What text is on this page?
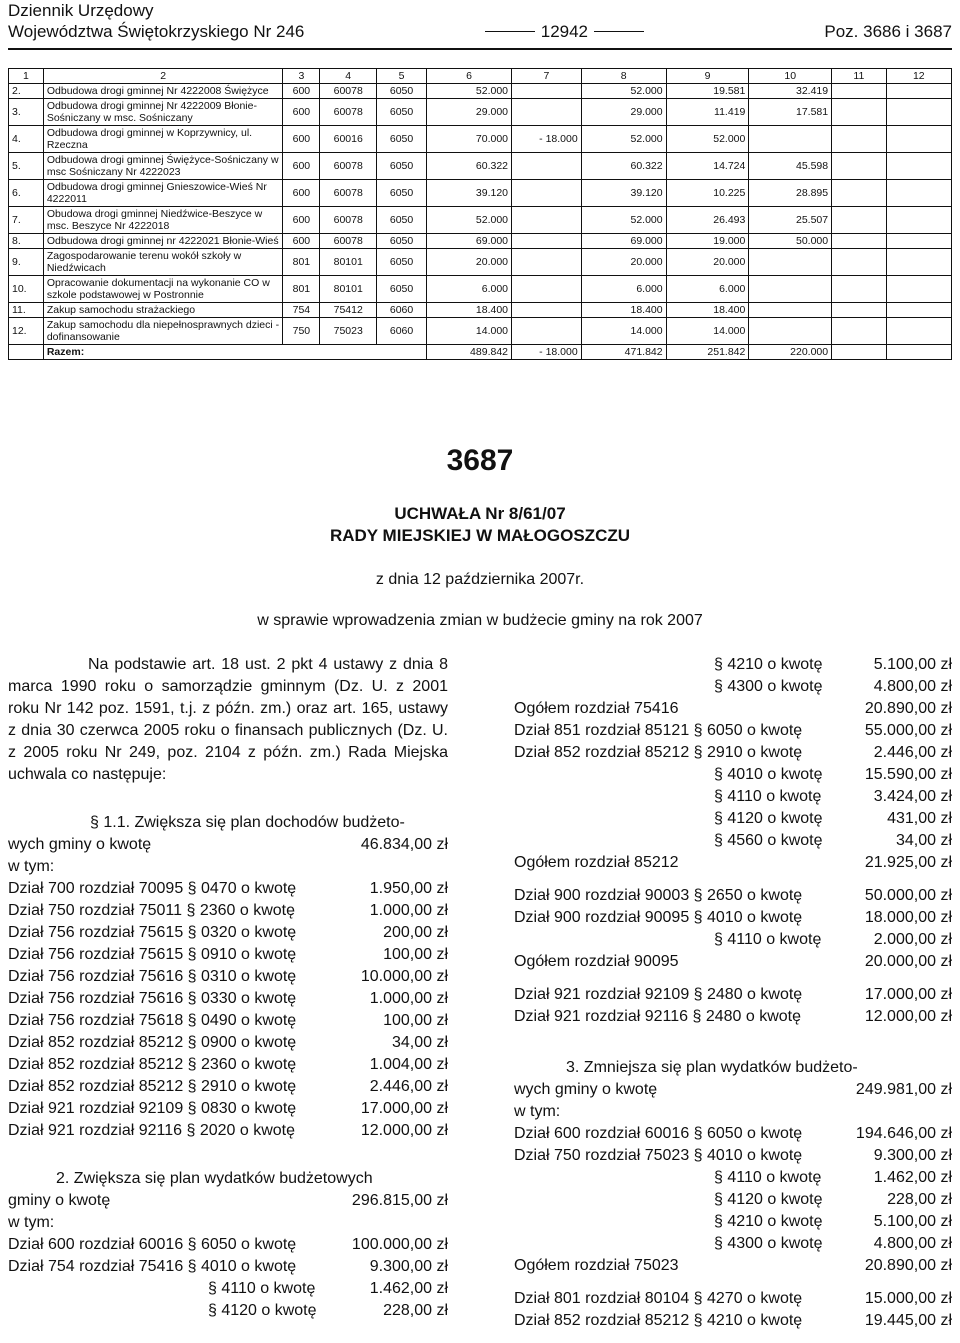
Dziennik Urzędowy
Województwa Świętokrzyskiego Nr 246	12942	Poz. 3686 i 3687
1	2	3	4	5	6	7	8	9	10	11	12
2.	Odbudowa drogi gminnej Nr 4222008 Świężyce	600	60078	6050	52.000		52.000	19.581	32.419		
3.	Odbudowa drogi gminnej Nr 4222009 Błonie-Sośniczany w msc. Sośniczany	600	60078	6050	29.000		29.000	11.419	17.581		
4.	Odbudowa drogi gminnej w Koprzywnicy, ul. Rzeczna	600	60016	6050	70.000	- 18.000	52.000	52.000			
5.	Odbudowa drogi gminnej Świężyce-Sośniczany w msc Sośniczany Nr 4222023	600	60078	6050	60.322		60.322	14.724	45.598		
6.	Odbudowa drogi gminnej Gnieszowice-Wieś Nr 4222011	600	60078	6050	39.120		39.120	10.225	28.895		
7.	Obudowa drogi gminnej Niedźwice-Beszyce w msc. Beszyce Nr 4222018	600	60078	6050	52.000		52.000	26.493	25.507		
8.	Odbudowa drogi gminnej nr 4222021 Błonie-Wieś	600	60078	6050	69.000		69.000	19.000	50.000		
9.	Zagospodarowanie terenu wokół szkoły w Niedźwicach	801	80101	6050	20.000		20.000	20.000			
10.	Opracowanie dokumentacji na wykonanie CO w szkole podstawowej w Postronnie	801	80101	6050	6.000		6.000	6.000			
11.	Zakup samochodu strażackiego	754	75412	6060	18.400		18.400	18.400			
12.	Zakup samochodu dla niepełnosprawnych dzieci - dofinansowanie	750	75023	6060	14.000		14.000	14.000			
	Razem:				489.842	- 18.000	471.842	251.842	220.000		
3687
UCHWAŁA Nr 8/61/07
RADY MIEJSKIEJ W MAŁOGOSZCZU
z dnia 12 października 2007r.
w sprawie wprowadzenia zmian w budżecie gminy na rok 2007
Na podstawie art. 18 ust. 2 pkt 4 ustawy z dnia 8 marca 1990 roku o samorządzie gminnym (Dz. U. z 2001 roku Nr 142 poz. 1591, t.j. z późn. zm.) oraz art. 165, ustawy z dnia 30 czerwca 2005 roku o finansach publicznych (Dz. U. z 2005 roku Nr 249, poz. 2104 z późn. zm.) Rada Miejska uchwala co następuje:
§ 1.1. Zwiększa się plan dochodów budżeto-
wych gminy o kwotę	46.834,00 zł
w tym:
Dział 700 rozdział 70095 § 0470 o kwotę	1.950,00 zł
Dział 750 rozdział 75011 § 2360 o kwotę	1.000,00 zł
Dział 756 rozdział 75615 § 0320 o kwotę	200,00 zł
Dział 756 rozdział 75615 § 0910 o kwotę	100,00 zł
Dział 756 rozdział 75616 § 0310 o kwotę	10.000,00 zł
Dział 756 rozdział 75616 § 0330 o kwotę	1.000,00 zł
Dział 756 rozdział 75618 § 0490 o kwotę	100,00 zł
Dział 852 rozdział 85212 § 0900 o kwotę	34,00 zł
Dział 852 rozdział 85212 § 2360 o kwotę	1.004,00 zł
Dział 852 rozdział 85212 § 2910 o kwotę	2.446,00 zł
Dział 921 rozdział 92109 § 0830 o kwotę	17.000,00 zł
Dział 921 rozdział 92116 § 2020 o kwotę	12.000,00 zł
2. Zwiększa się plan wydatków budżetowych
gminy o kwotę	296.815,00 zł
w tym:
Dział 600 rozdział 60016 § 6050 o kwotę	100.000,00 zł
Dział 754 rozdział 75416 § 4010 o kwotę	9.300,00 zł
§ 4110 o kwotę	1.462,00 zł
§ 4120 o kwotę	228,00 zł
§ 4210 o kwotę	5.100,00 zł
§ 4300 o kwotę	4.800,00 zł
Ogółem rozdział 75416	20.890,00 zł
Dział 851 rozdział 85121 § 6050 o kwotę	55.000,00 zł
Dział 852 rozdział 85212 § 2910 o kwotę	2.446,00 zł
§ 4010 o kwotę	15.590,00 zł
§ 4110 o kwotę	3.424,00 zł
§ 4120 o kwotę	431,00 zł
§ 4560 o kwotę	34,00 zł
Ogółem rozdział 85212	21.925,00 zł
Dział 900 rozdział 90003 § 2650 o kwotę	50.000,00 zł
Dział 900 rozdział 90095 § 4010 o kwotę	18.000,00 zł
§ 4110 o kwotę	2.000,00 zł
Ogółem rozdział 90095	20.000,00 zł
Dział 921 rozdział 92109 § 2480 o kwotę	17.000,00 zł
Dział 921 rozdział 92116 § 2480 o kwotę	12.000,00 zł
3. Zmniejsza się plan wydatków budżeto-
wych gminy o kwotę	249.981,00 zł
w tym:
Dział 600 rozdział 60016 § 6050 o kwotę	194.646,00 zł
Dział 750 rozdział 75023 § 4010 o kwotę	9.300,00 zł
§ 4110 o kwotę	1.462,00 zł
§ 4120 o kwotę	228,00 zł
§ 4210 o kwotę	5.100,00 zł
§ 4300 o kwotę	4.800,00 zł
Ogółem rozdział 75023	20.890,00 zł
Dział 801 rozdział 80104 § 4270 o kwotę	15.000,00 zł
Dział 852 rozdział 85212 § 4210 o kwotę	19.445,00 zł
